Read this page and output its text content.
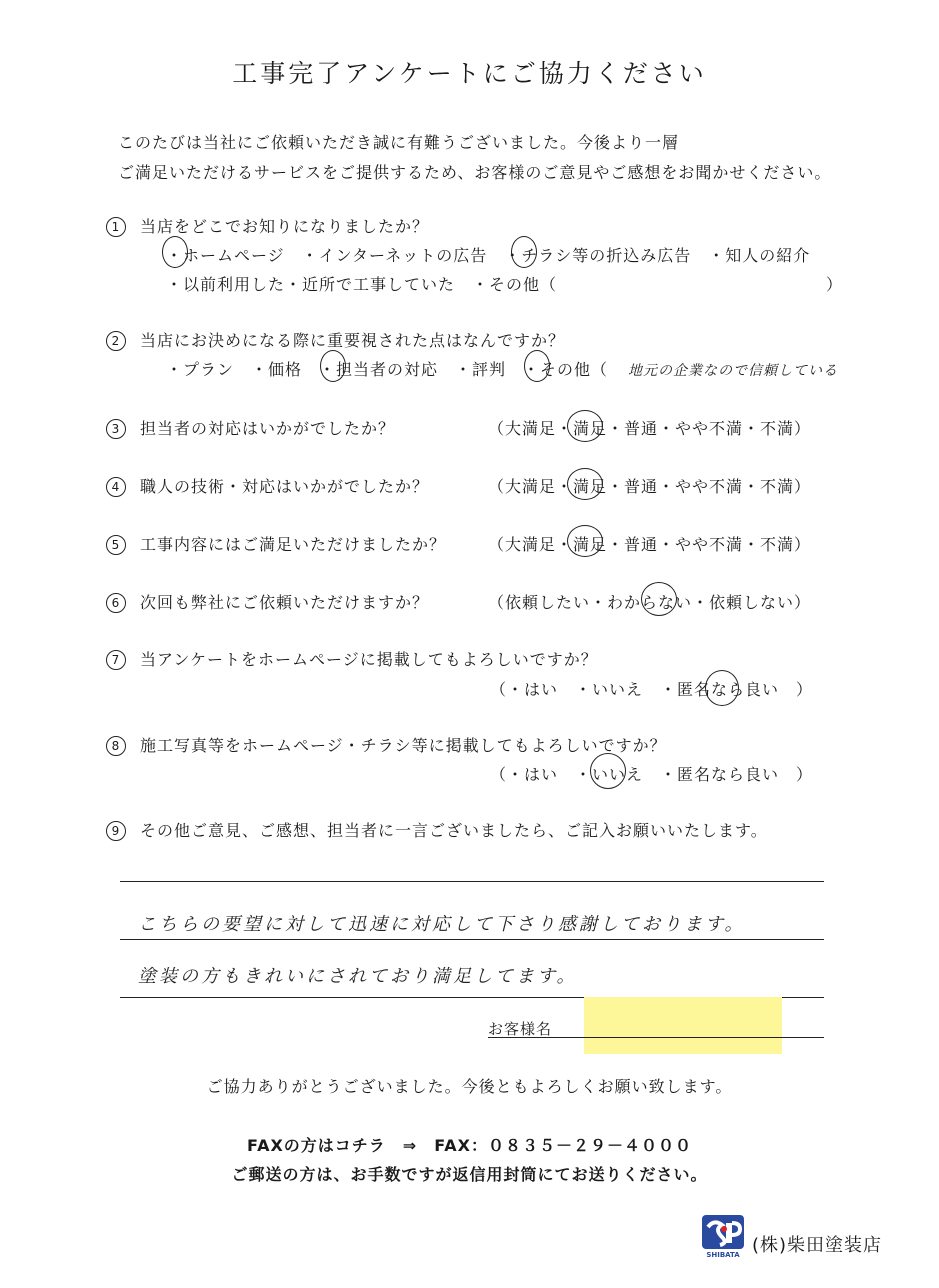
工事完了アンケートにご協力ください
このたびは当社にご依頼いただき誠に有難うございました。今後より一層
ご満足いただけるサービスをご提供するため、お客様のご意見やご感想をお聞かせください。
1 当店をどこでお知りになりましたか？
・ホームページ　・インターネットの広告　・チラシ等の折込み広告　・知人の紹介
・以前利用した・近所で工事していた　・その他（	）
2 当店にお決めになる際に重要視された点はなんですか？
・プラン　・価格　・担当者の対応　・評判　・その他（ 地元の企業なので信頼している
3 担当者の対応はいかがでしたか？	（大満足・満足・普通・やや不満・不満）
4 職人の技術・対応はいかがでしたか？	（大満足・満足・普通・やや不満・不満）
5 工事内容にはご満足いただけましたか？	（大満足・満足・普通・やや不満・不満）
6 次回も弊社にご依頼いただけますか？	（依頼したい・わからない・依頼しない）
7 当アンケートをホームページに掲載してもよろしいですか？
（・はい　・いいえ　・匿名なら良い　）
8 施工写真等をホームページ・チラシ等に掲載してもよろしいですか？
（・はい　・いいえ　・匿名なら良い　）
9 その他ご意見、ご感想、担当者に一言ございましたら、ご記入お願いいたします。
こちらの要望に対して迅速に対応して下さり感謝しております。
塗装の方もきれいにされており満足してます。
お客様名
ご協力ありがとうございました。今後ともよろしくお願い致します。
FAXの方はコチラ　⇒　FAX：０８３５－２９－４０００
ご郵送の方は、お手数ですが返信用封筒にてお送りください。
SHIBATA (株)柴田塗装店
